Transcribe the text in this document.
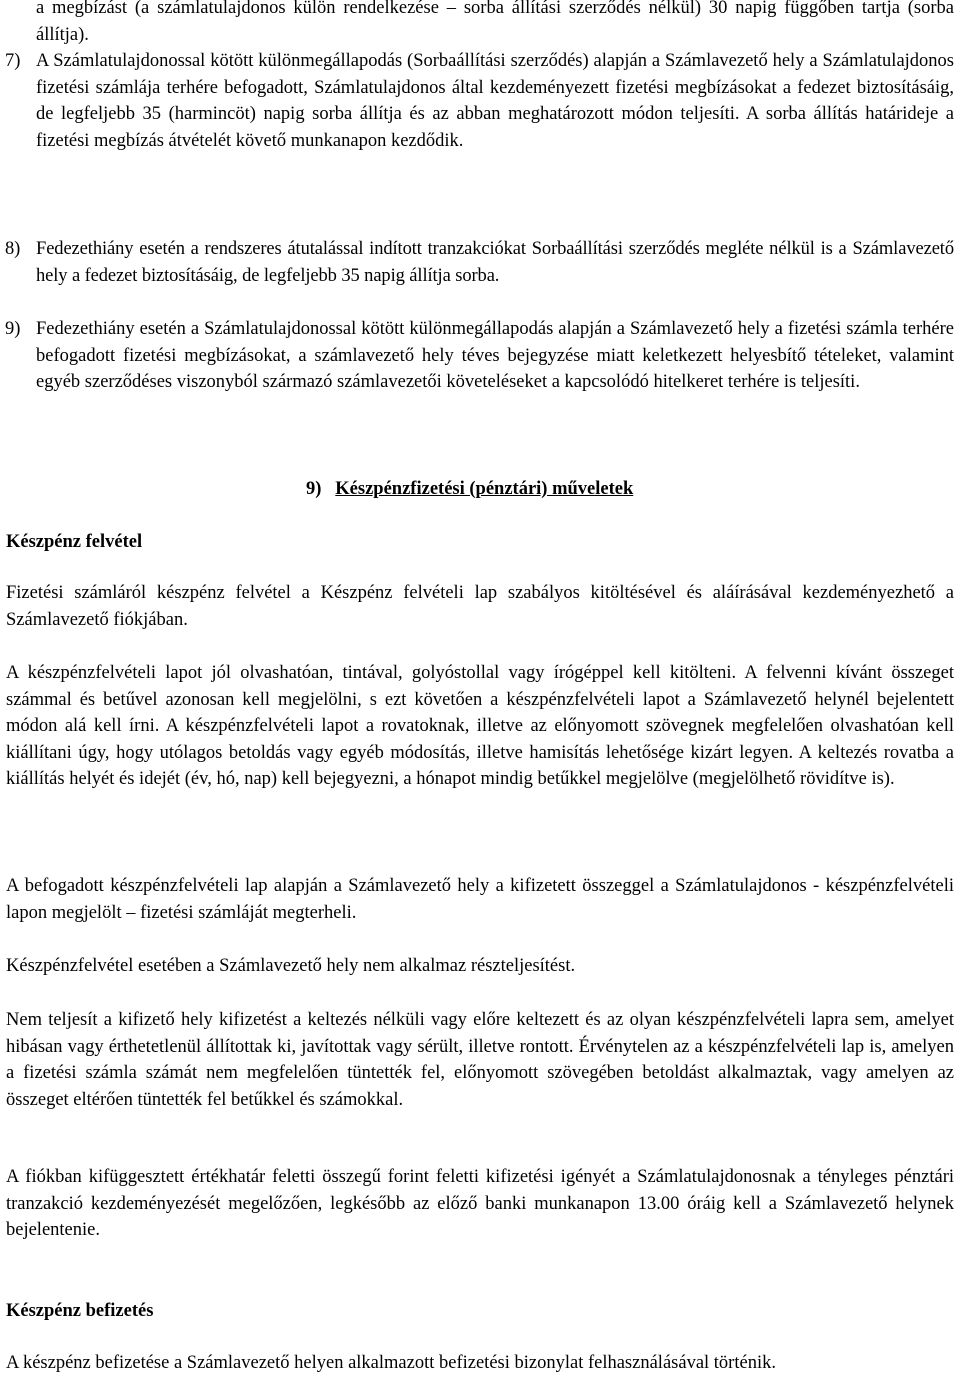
a megbízást (a számlatulajdonos külön rendelkezése – sorba állítási szerződés nélkül) 30 napig függőben tartja (sorba állítja).

7) A Számlatulajdonossal kötött különmegállapodás (Sorbaállítási szerződés) alapján a Számlavezető hely a Számlatulajdonos fizetési számlája terhére befogadott, Számlatulajdonos által kezdeményezett fizetési megbízásokat a fedezet biztosításáig, de legfeljebb 35 (harmincöt) napig sorba állítja és az abban meghatározott módon teljesíti. A sorba állítás határideje a fizetési megbízás átvételét követő munkanapon kezdődik.
8) Fedezethiány esetén a rendszeres átutalással indított tranzakciókat Sorbaállítási szerződés megléte nélkül is a Számlavezető hely a fedezet biztosításáig, de legfeljebb 35 napig állítja sorba.
9) Fedezethiány esetén a Számlatulajdonossal kötött különmegállapodás alapján a Számlavezető hely a fizetési számla terhére befogadott fizetési megbízásokat, a számlavezető hely téves bejegyzése miatt keletkezett helyesbítő tételeket, valamint egyéb szerződéses viszonyból származó számlavezetői követeléseket a kapcsolódó hitelkeret terhére is teljesíti.
9) Készpénzfizetési (pénztári) műveletek
Készpénz felvétel

Fizetési számláról készpénz felvétel a Készpénz felvételi lap szabályos kitöltésével és aláírásával kezdeményezhető a Számlavezető fiókjában.

A készpénzfelvételi lapot jól olvashatóan, tintával, golyóstollal vagy írógéppel kell kitölteni. A felvenni kívánt összeget számmal és betűvel azonosan kell megjelölni, s ezt követően a készpénzfelvételi lapot a Számlavezető helynél bejelentett módon alá kell írni. A készpénzfelvételi lapot a rovatoknak, illetve az előnyomott szövegnek megfelelően olvashatóan kell kiállítani úgy, hogy utólagos betoldás vagy egyéb módosítás, illetve hamisítás lehetősége kizárt legyen. A keltezés rovatba a kiállítás helyét és idejét (év, hó, nap) kell bejegyezni, a hónapot mindig betűkkel megjelölve (megjelölhető rövidítve is).

A befogadott készpénzfelvételi lap alapján a Számlavezető hely a kifizetett összeggel a Számlatulajdonos - készpénzfelvételi lapon megjelölt – fizetési számláját megterheli.

Készpénzfelvétel esetében a Számlavezető hely nem alkalmaz részteljesítést.

Nem teljesít a kifizető hely kifizetést a keltezés nélküli vagy előre keltezett és az olyan készpénzfelvételi lapra sem, amelyet hibásan vagy érthetetlenül állítottak ki, javítottak vagy sérült, illetve rontott. Érvénytelen az a készpénzfelvételi lap is, amelyen a fizetési számla számát nem megfelelően tüntették fel, előnyomott szövegében betoldást alkalmaztak, vagy amelyen az összeget eltérően tüntették fel betűkkel és számokkal.

A fiókban kifüggesztett értékhatár feletti összegű forint feletti kifizetési igényét a Számlatulajdonosnak a tényleges pénztári tranzakció kezdeményezését megelőzően, legkésőbb az előző banki munkanapon 13.00 óráig kell a Számlavezető helynek bejelentenie.

Készpénz befizetés

A készpénz befizetése a Számlavezető helyen alkalmazott befizetési bizonylat felhasználásával történik.
